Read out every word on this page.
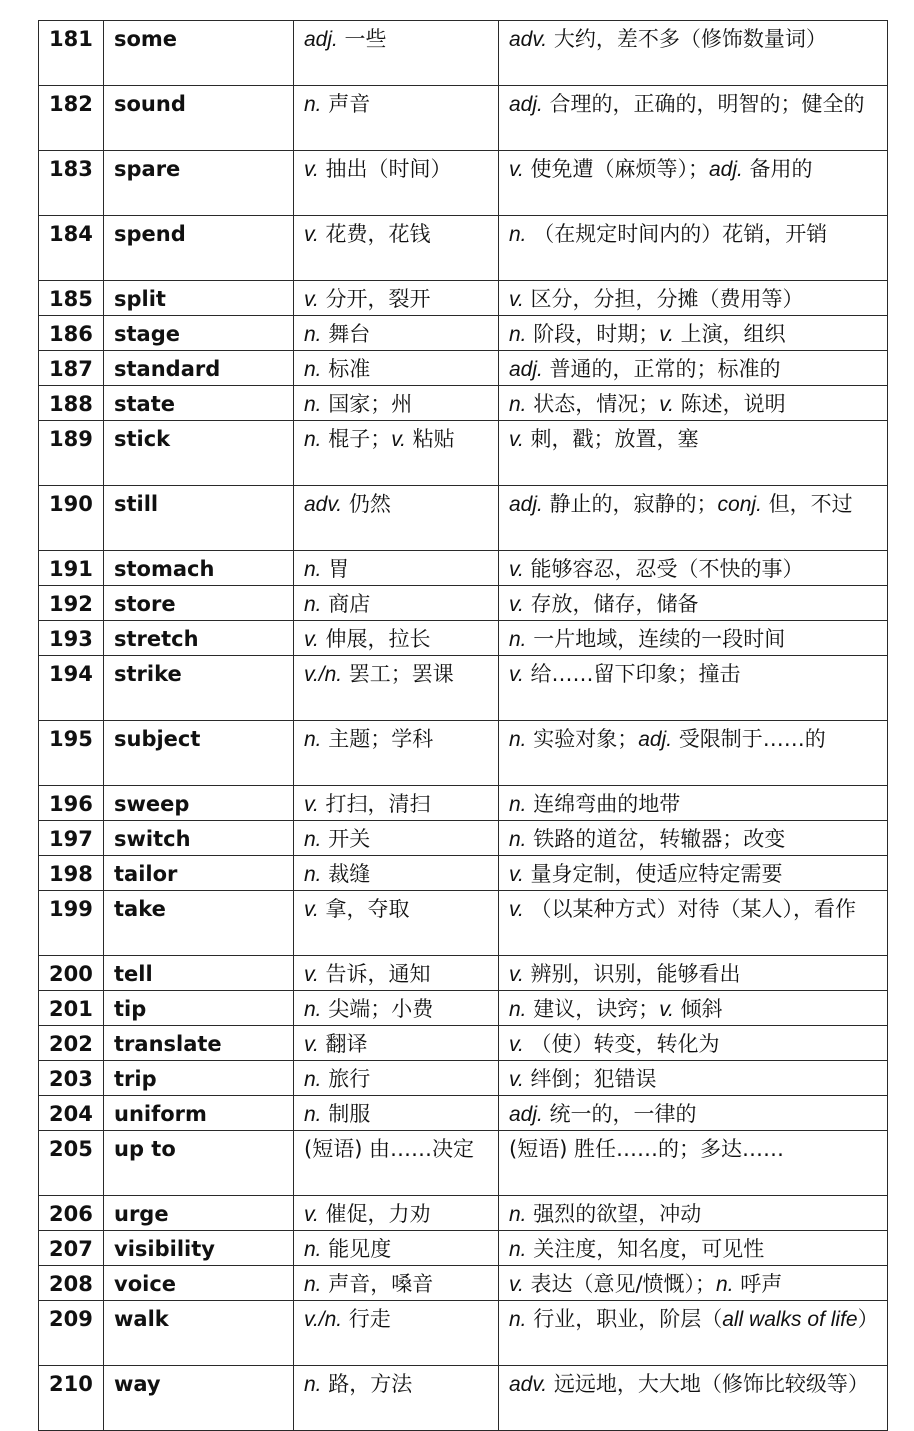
181	some	adj. 一些	adv. 大约，差不多（修饰数量词）
182	sound	n. 声音	adj. 合理的，正确的，明智的；健全的
183	spare	v. 抽出（时间）	v. 使免遭（麻烦等）；adj. 备用的
184	spend	v. 花费，花钱	n. （在规定时间内的）花销，开销
185	split	v. 分开，裂开	v. 区分，分担，分摊（费用等）
186	stage	n. 舞台	n. 阶段，时期；v. 上演，组织
187	standard	n. 标准	adj. 普通的，正常的；标准的
188	state	n. 国家；州	n. 状态，情况；v. 陈述，说明
189	stick	n. 棍子；v. 粘贴	v. 刺，戳；放置，塞
190	still	adv. 仍然	adj. 静止的，寂静的；conj. 但，不过
191	stomach	n. 胃	v. 能够容忍，忍受（不快的事）
192	store	n. 商店	v. 存放，储存，储备
193	stretch	v. 伸展，拉长	n. 一片地域，连续的一段时间
194	strike	v./n. 罢工；罢课	v. 给……留下印象；撞击
195	subject	n. 主题；学科	n. 实验对象；adj. 受限制于……的
196	sweep	v. 打扫，清扫	n. 连绵弯曲的地带
197	switch	n. 开关	n. 铁路的道岔，转辙器；改变
198	tailor	n. 裁缝	v. 量身定制，使适应特定需要
199	take	v. 拿，夺取	v. （以某种方式）对待（某人），看作
200	tell	v. 告诉，通知	v. 辨别，识别，能够看出
201	tip	n. 尖端；小费	n. 建议，诀窍；v. 倾斜
202	translate	v. 翻译	v. （使）转变，转化为
203	trip	n. 旅行	v. 绊倒；犯错误
204	uniform	n. 制服	adj. 统一的，一律的
205	up to	(短语) 由……决定	(短语) 胜任……的；多达……
206	urge	v. 催促，力劝	n. 强烈的欲望，冲动
207	visibility	n. 能见度	n. 关注度，知名度，可见性
208	voice	n. 声音，嗓音	v. 表达（意见/愤慨）；n. 呼声
209	walk	v./n. 行走	n. 行业，职业，阶层（all walks of life）
210	way	n. 路，方法	adv. 远远地，大大地（修饰比较级等）
